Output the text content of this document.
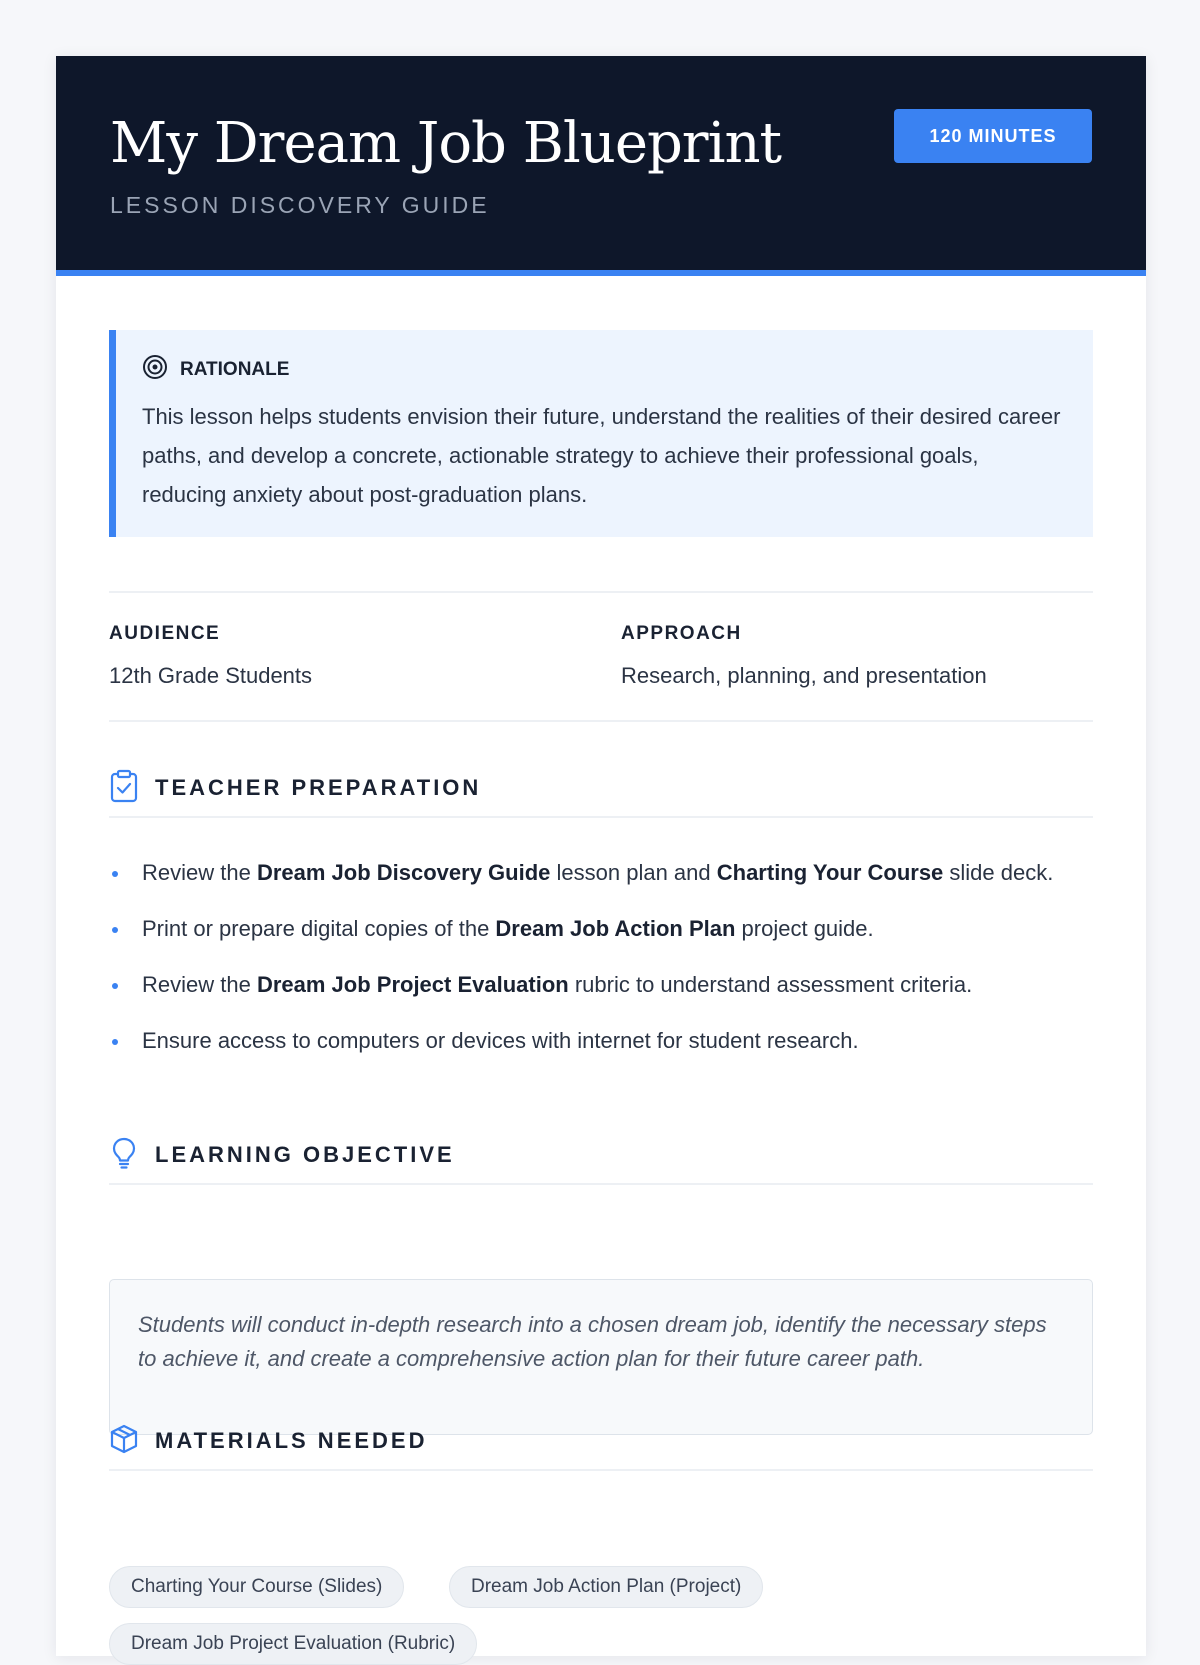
My Dream Job Blueprint
LESSON DISCOVERY GUIDE
120 MINUTES
RATIONALE
This lesson helps students envision their future, understand the realities of their desired career paths, and develop a concrete, actionable strategy to achieve their professional goals, reducing anxiety about post-graduation plans.
AUDIENCE
12th Grade Students
APPROACH
Research, planning, and presentation
TEACHER PREPARATION
Review the Dream Job Discovery Guide lesson plan and Charting Your Course slide deck.
Print or prepare digital copies of the Dream Job Action Plan project guide.
Review the Dream Job Project Evaluation rubric to understand assessment criteria.
Ensure access to computers or devices with internet for student research.
LEARNING OBJECTIVE
Students will conduct in-depth research into a chosen dream job, identify the necessary steps to achieve it, and create a comprehensive action plan for their future career path.
MATERIALS NEEDED
Charting Your Course (Slides)	Dream Job Action Plan (Project)
Dream Job Project Evaluation (Rubric)
